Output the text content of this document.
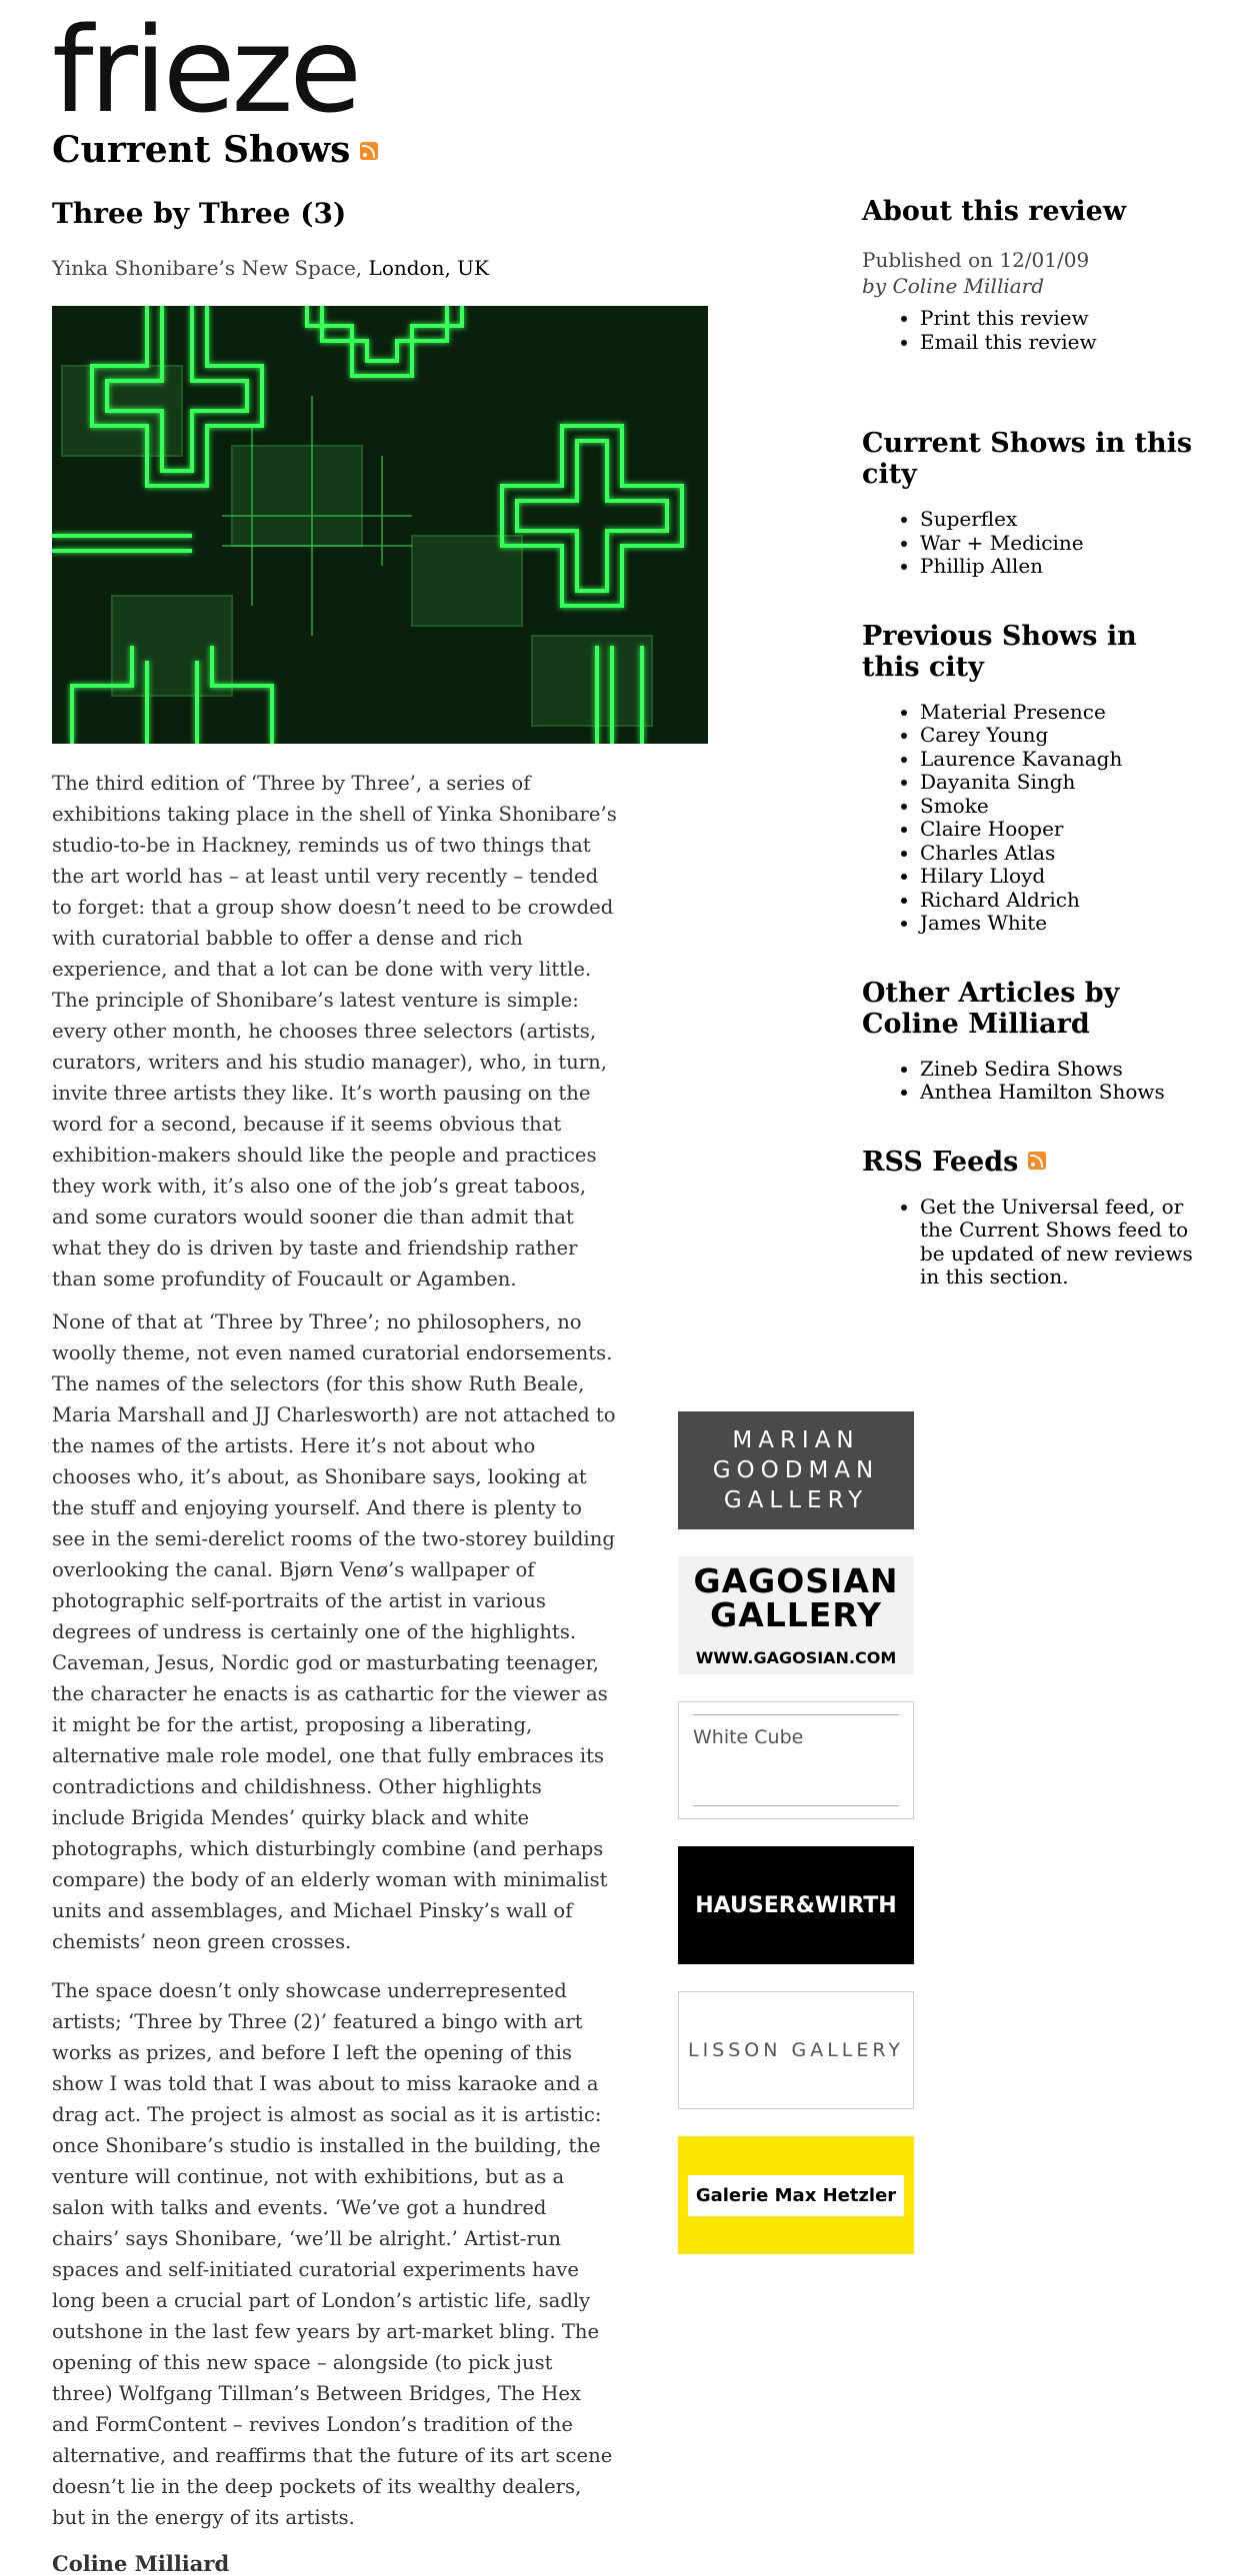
frieze
Current Shows
Three by Three (3)
Yinka Shonibare’s New Space, London, UK

The third edition of ‘Three by Three’, a series of exhibitions taking place in the shell of Yinka Shonibare’s studio-to-be in Hackney, reminds us of two things that the art world has – at least until very recently – tended to forget: that a group show doesn’t need to be crowded with curatorial babble to offer a dense and rich experience, and that a lot can be done with very little. The principle of Shonibare’s latest venture is simple: every other month, he chooses three selectors (artists, curators, writers and his studio manager), who, in turn, invite three artists they like. It’s worth pausing on the word for a second, because if it seems obvious that exhibition-makers should like the people and practices they work with, it’s also one of the job’s great taboos, and some curators would sooner die than admit that what they do is driven by taste and friendship rather than some profundity of Foucault or Agamben.

None of that at ‘Three by Three’; no philosophers, no woolly theme, not even named curatorial endorsements. The names of the selectors (for this show Ruth Beale, Maria Marshall and JJ Charlesworth) are not attached to the names of the artists. Here it’s not about who chooses who, it’s about, as Shonibare says, looking at the stuff and enjoying yourself. And there is plenty to see in the semi-derelict rooms of the two-storey building overlooking the canal. Bjørn Venø’s wallpaper of photographic self-portraits of the artist in various degrees of undress is certainly one of the highlights. Caveman, Jesus, Nordic god or masturbating teenager, the character he enacts is as cathartic for the viewer as it might be for the artist, proposing a liberating, alternative male role model, one that fully embraces its contradictions and childishness. Other highlights include Brigida Mendes’ quirky black and white photographs, which disturbingly combine (and perhaps compare) the body of an elderly woman with minimalist units and assemblages, and Michael Pinsky’s wall of chemists’ neon green crosses.

The space doesn’t only showcase underrepresented artists; ‘Three by Three (2)’ featured a bingo with art works as prizes, and before I left the opening of this show I was told that I was about to miss karaoke and a drag act. The project is almost as social as it is artistic: once Shonibare’s studio is installed in the building, the venture will continue, not with exhibitions, but as a salon with talks and events. ‘We’ve got a hundred chairs’ says Shonibare, ‘we’ll be alright.’ Artist-run spaces and self-initiated curatorial experiments have long been a crucial part of London’s artistic life, sadly outshone in the last few years by art-market bling. The opening of this new space – alongside (to pick just three) Wolfgang Tillman’s Between Bridges, The Hex and FormContent – revives London’s tradition of the alternative, and reaffirms that the future of its art scene doesn’t lie in the deep pockets of its wealthy dealers, but in the energy of its artists.

Coline Milliard
About this review
Published on 12/01/09
by Coline Milliard
• Print this review
• Email this review
Current Shows in this city
• Superflex
• War + Medicine
• Phillip Allen
Previous Shows in this city
• Material Presence
• Carey Young
• Laurence Kavanagh
• Dayanita Singh
• Smoke
• Claire Hooper
• Charles Atlas
• Hilary Lloyd
• Richard Aldrich
• James White
Other Articles by Coline Milliard
• Zineb Sedira Shows
• Anthea Hamilton Shows
RSS Feeds
• Get the Universal feed, or the Current Shows feed to be updated of new reviews in this section.
MARIAN
GOODMAN
GALLERY
GAGOSIAN
GALLERY
WWW.GAGOSIAN.COM
White Cube
HAUSER&WIRTH
LISSON GALLERY
Galerie Max Hetzler
